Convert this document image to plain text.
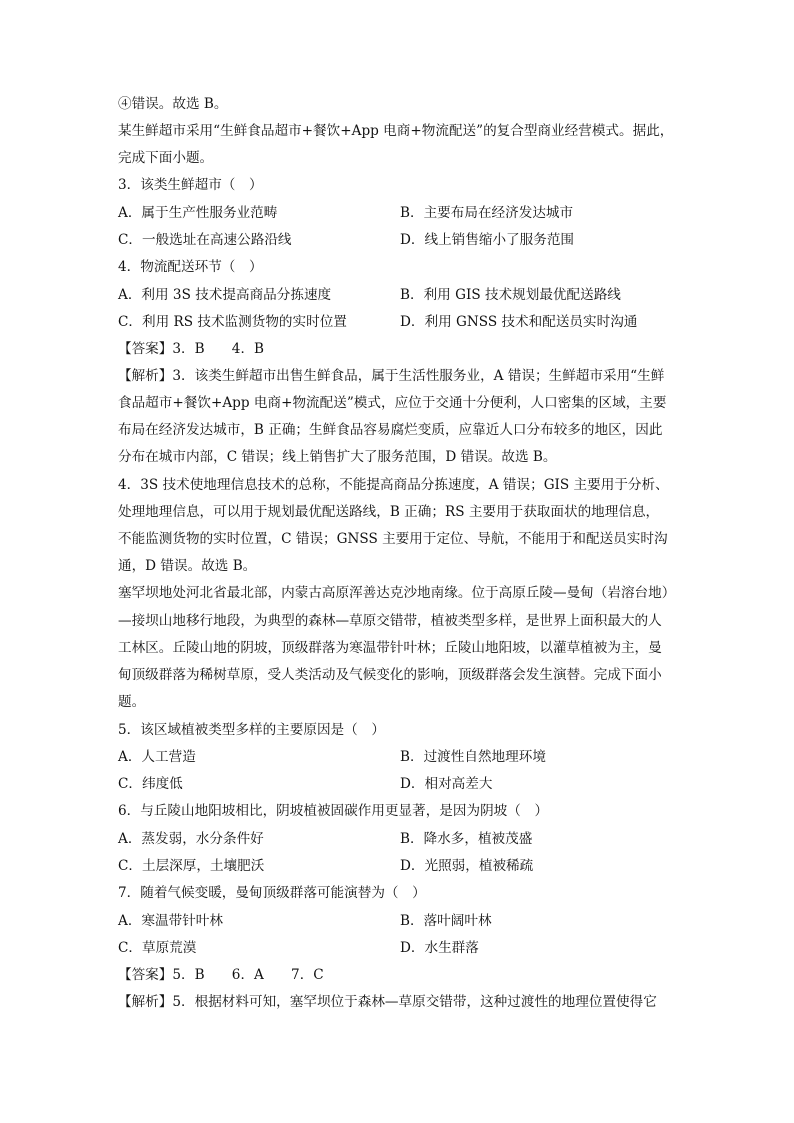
④错误。故选 B。
某生鲜超市采用“生鲜食品超市+餐饮+App 电商+物流配送”的复合型商业经营模式。据此，
完成下面小题。
3．该类生鲜超市（　）
A．属于生产性服务业范畴	B．主要布局在经济发达城市
C．一般选址在高速公路沿线	D．线上销售缩小了服务范围
4．物流配送环节（　）
A．利用 3S 技术提高商品分拣速度	B．利用 GIS 技术规划最优配送路线
C．利用 RS 技术监测货物的实时位置	D．利用 GNSS 技术和配送员实时沟通
【答案】3．B　　4．B
【解析】3．该类生鲜超市出售生鲜食品，属于生活性服务业，A 错误；生鲜超市采用“生鲜
食品超市+餐饮+App 电商+物流配送”模式，应位于交通十分便利，人口密集的区域，主要
布局在经济发达城市，B 正确；生鲜食品容易腐烂变质，应靠近人口分布较多的地区，因此
分布在城市内部，C 错误；线上销售扩大了服务范围，D 错误。故选 B。
4．3S 技术使地理信息技术的总称，不能提高商品分拣速度，A 错误；GIS 主要用于分析、
处理地理信息，可以用于规划最优配送路线，B 正确；RS 主要用于获取面状的地理信息，
不能监测货物的实时位置，C 错误；GNSS 主要用于定位、导航，不能用于和配送员实时沟
通，D 错误。故选 B。
塞罕坝地处河北省最北部，内蒙古高原浑善达克沙地南缘。位于高原丘陵—曼甸（岩溶台地）
—接坝山地移行地段，为典型的森林—草原交错带，植被类型多样，是世界上面积最大的人
工林区。丘陵山地的阴坡，顶级群落为寒温带针叶林；丘陵山地阳坡，以灌草植被为主，曼
甸顶级群落为稀树草原，受人类活动及气候变化的影响，顶级群落会发生演替。完成下面小
题。
5．该区域植被类型多样的主要原因是（　）
A．人工营造	B．过渡性自然地理环境
C．纬度低	D．相对高差大
6．与丘陵山地阳坡相比，阴坡植被固碳作用更显著，是因为阴坡（　）
A．蒸发弱，水分条件好	B．降水多，植被茂盛
C．土层深厚，土壤肥沃	D．光照弱，植被稀疏
7．随着气候变暖，曼甸顶级群落可能演替为（　）
A．寒温带针叶林	B．落叶阔叶林
C．草原荒漠	D．水生群落
【答案】5．B　　6．A　　7．C
【解析】5．根据材料可知，塞罕坝位于森林—草原交错带，这种过渡性的地理位置使得它
